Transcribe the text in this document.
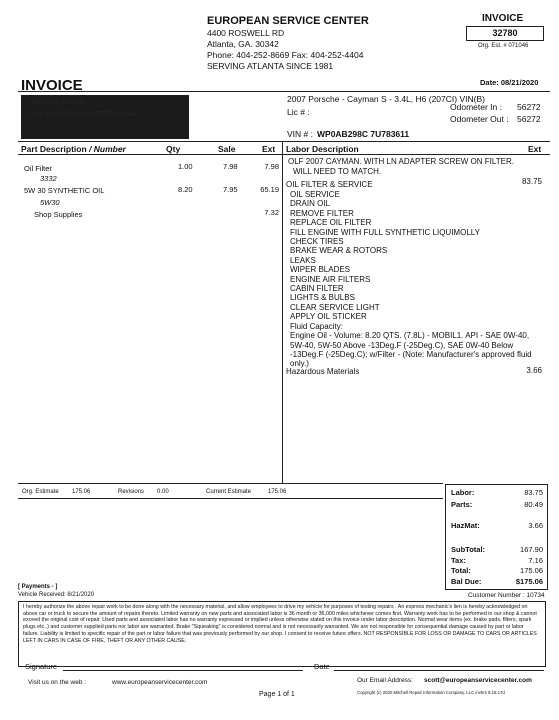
EUROPEAN SERVICE CENTER
4400 ROSWELL RD
Atlanta, GA. 30342
Phone: 404-252-8669 Fax: 404-252-4404
SERVING ATLANTA SINCE 1981
INVOICE
32780
Org. Est. # 071046
INVOICE	Date: 08/21/2020
EMORY, BRIAN
2718 NORTH SYRATFOD ROAD
2007 Porsche - Cayman S - 3.4L, H6 (207CI) VIN(B)
Lic # :	Odometer In : 56272
Odometer Out : 56272
VIN # : WP0AB298C 7U783611
Part Description / Number	Qty	Sale	Ext Labor Description	Ext
Oil Filter	1.00	7.98	7.98
3332
5W 30 SYNTHETIC OIL	8.20	7.95	65.19
5W30
Shop Supplies	7.32
OLF 2007 CAYMAN. WITH LN ADAPTER SCREW ON FILTER.
WILL NEED TO MATCH.
OIL FILTER & SERVICE	83.75
OIL SERVICE
DRAIN OIL
REMOVE FILTER
REPLACE OIL FILTER
FILL ENGINE WITH FULL SYNTHETIC LIQUIMOLLY
CHECK TIRES
BRAKE WEAR & ROTORS
LEAKS
WIPER BLADES
ENGINE AIR FILTERS
CABIN FILTER
LIGHTS & BULBS
CLEAR SERVICE LIGHT
APPLY OIL STICKER
Fluid Capacity:
Engine Oil - Volume: 8.20 QTS. (7.8L) - MOBIL1. API - SAE 0W-40,
5W-40, 5W-50 Above -13Deg.F (-25Deg.C), SAE 0W-40 Below
-13Deg.F (-25Deg.C); w/Filter - (Note: Manufacturer's approved fluid
only.)
Hazardous Materials	3.66
Org. Estimate 175.06	Revisions 0.00	Current Estimate	175.06	Labor:	83.75
Parts:	80.49
HazMat:	3.66
SubTotal:	167.90
Tax:	7.16
Total:	175.06
Bal Due:	$175.06
[ Payments - ]
Vehicle Received: 8/21/2020	Customer Number : 10734
I hereby authorize the above repair work to be done along with the necessary material, and allow employees to drive my vehicle for purposes of testing repairs . An express mechanic's lien is hereby acknowledged on above car or truck to secure the amount of repairs thereto. Limited warranty on new parts and associated labor is 36 month or 36,000 miles whichever comes first. Warranty work has to be performed in our shop & cannot exceed the original cost of repair. Used parts and associated labor has no warranty expressed or implied unless otherwise stated on this invoice under labor description. Normal wear items (ex. brake pads, filters, spark plugs etc..) and customer supplied parts nor labor are warranted. Brake "Squeaking" is considered normal and is not necessarily warranted. We are not responsible for consequential damage caused by part or labor failure. Liability is limited to specific repair of the part or labor failure that was previously performed by our shop. I consent to receive future offers. NOT RESPONSIBLE FOR LOSS OR DAMAGE TO CARS OR ARTICLES LEFT IN CARS IN CASE OF FIRE, THEFT OR ANY OTHER CAUSE.
Signature	Date
Visit us on the web :	www.europeanservicecenter.com	Our Email Address: scott@europeanservicecenter.com
Page 1 of 1	Copyright (c) 2020 Mitchell Repair Information Company, LLC invhrs 9.15.17d
